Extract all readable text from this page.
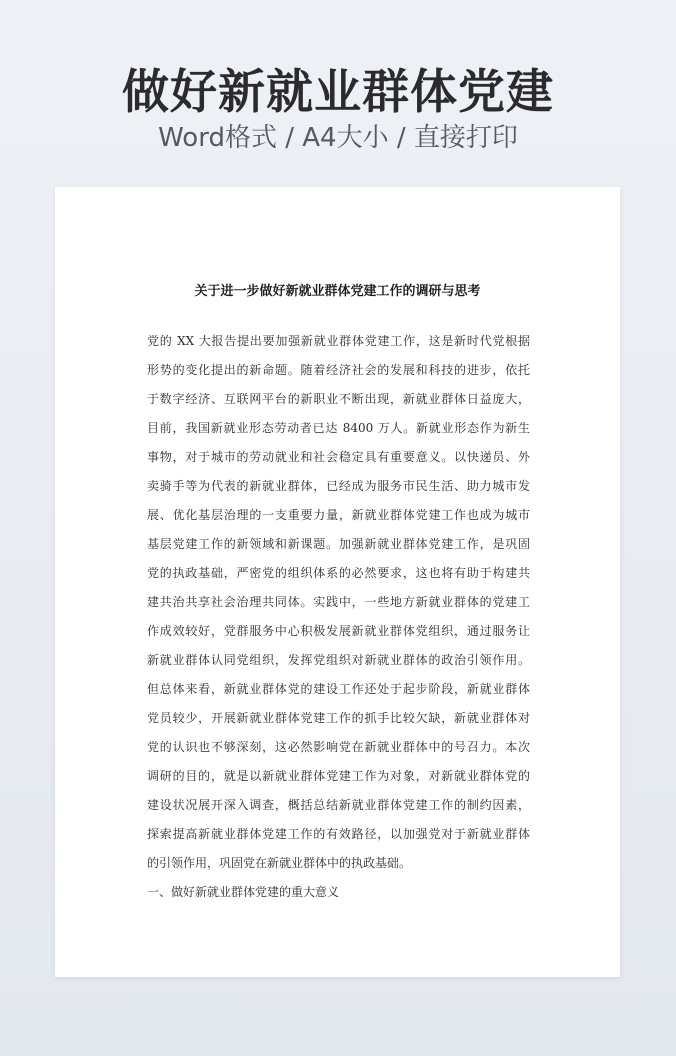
做好新就业群体党建
Word格式 / A4大小 / 直接打印
关于进一步做好新就业群体党建工作的调研与思考
党的 XX 大报告提出要加强新就业群体党建工作，这是新时代党根据
形势的变化提出的新命题。随着经济社会的发展和科技的进步，依托
于数字经济、互联网平台的新职业不断出现，新就业群体日益庞大，
目前，我国新就业形态劳动者已达 8400 万人。新就业形态作为新生
事物，对于城市的劳动就业和社会稳定具有重要意义。以快递员、外
卖骑手等为代表的新就业群体，已经成为服务市民生活、助力城市发
展、优化基层治理的一支重要力量，新就业群体党建工作也成为城市
基层党建工作的新领域和新课题。加强新就业群体党建工作，是巩固
党的执政基础，严密党的组织体系的必然要求，这也将有助于构建共
建共治共享社会治理共同体。实践中，一些地方新就业群体的党建工
作成效较好，党群服务中心积极发展新就业群体党组织，通过服务让
新就业群体认同党组织，发挥党组织对新就业群体的政治引领作用。
但总体来看，新就业群体党的建设工作还处于起步阶段，新就业群体
党员较少，开展新就业群体党建工作的抓手比较欠缺，新就业群体对
党的认识也不够深刻，这必然影响党在新就业群体中的号召力。本次
调研的目的，就是以新就业群体党建工作为对象，对新就业群体党的
建设状况展开深入调查，概括总结新就业群体党建工作的制约因素，
探索提高新就业群体党建工作的有效路径，以加强党对于新就业群体
的引领作用，巩固党在新就业群体中的执政基础。
一、做好新就业群体党建的重大意义
